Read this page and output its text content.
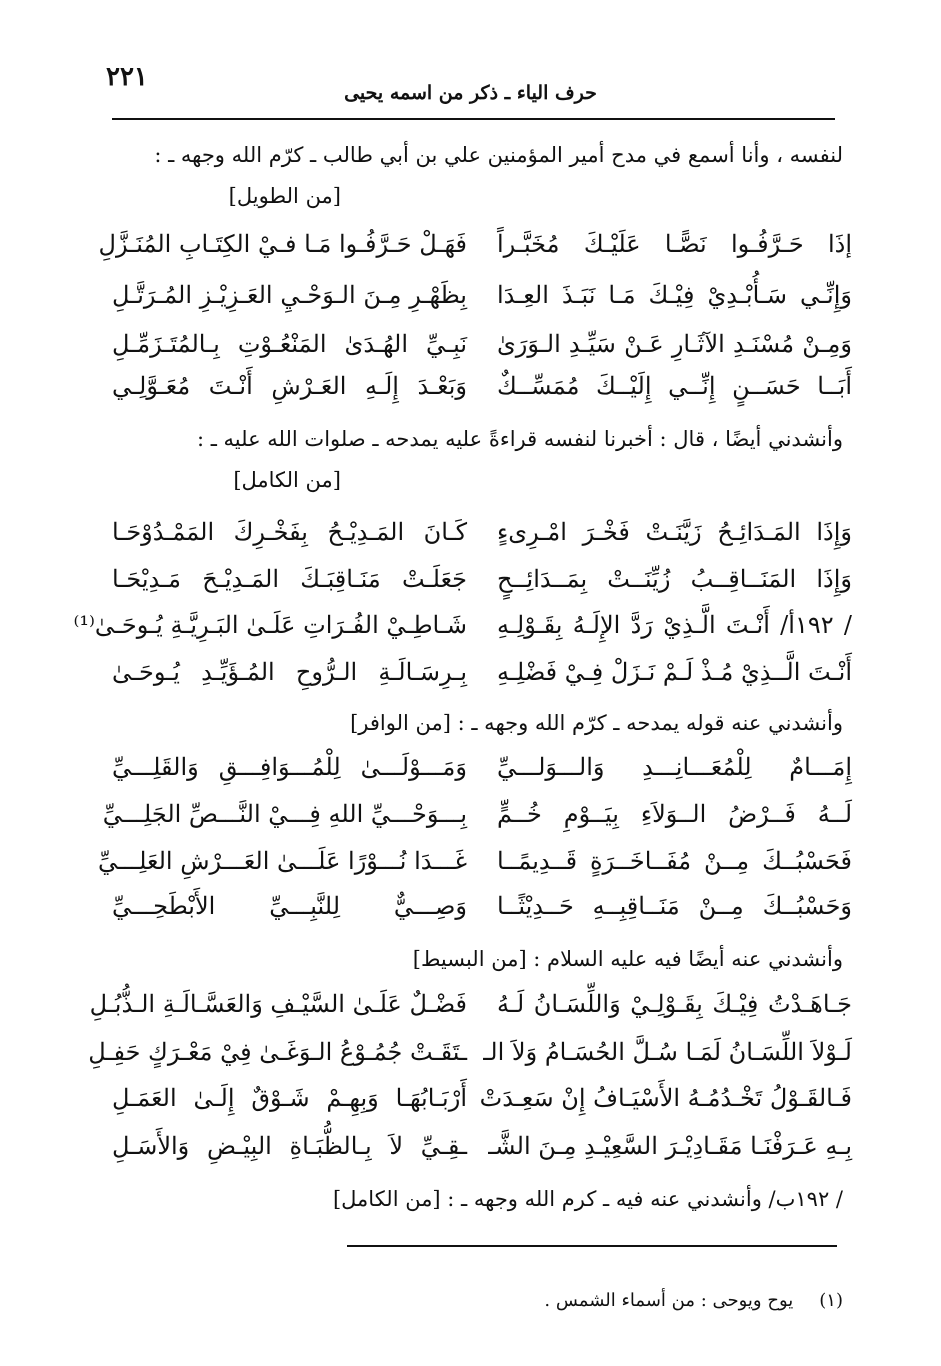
٢٢١
حرف الياء ـ ذكر من اسمه يحيى
لنفسه ، وأنا أسمع في مدح أمير المؤمنين علي بن أبي طالب ـ كرّم الله وجهه ـ :
[من الطويل]
إذَا حَـرَّفُـوا نَصًّـا عَلَيْـكَ مُخَبَّـراً
فَهَـلْ حَـرَّفُـوا مَـا فـيْ الكِتَـابِ المُنَـزَّلِ
وَإِنِّـي سَـأُبْـدِيْ فِيْـكَ مَـا نَبَـذَ العِـدَا
بِظَهْـرِ مِـنَ الـوَحْـيِ العَـزِيْـزِ المُـرَتَّـلِ
وَمِـنْ مُسْنَـدِ الآثَـارِ عَـنْ سَيِّـدِ الـوَرَىٰ
نَبِـيِّ الهُـدَىٰ المَنْعُـوْتِ بِـالمُتَـزَمِّـلِ
أَبَــا حَسَــنٍ إِنِّــي إِلَيْــكَ مُمَسِّــكٌ
وَبَعْـدَ إِلَـهِ العَـرْشِ أَنْـتَ مُعَـوَّلِـي
وأنشدني أيضًا ، قال : أخبرنا لنفسه قراءةً عليه يمدحه ـ صلوات الله عليه ـ :
[من الكامل]
وَإِذَا المَـدَائِـحُ زَيَّنَـتْ فَخْـرَ امْـرِىءٍ
كَـانَ المَـدِيْـحُ بِفَخْـرِكَ المَمْـدُوْحَـا
وَإِذَا المَنَــاقِــبُ زُيِّنَــتْ بِمَــدَائِــحٍ
جَعَلَـتْ مَنَـاقِبَـكَ المَـدِيْـحَ مَـدِيْحَـا
/ ١٩٢أ/ أَنْـتَ الَّـذِيْ رَدَّ الإِلَـهُ بِقَـوْلِـهِ
شَـاطِـيْ الفُـرَاتِ عَلَـىٰ البَـرِيَّـةِ يُـوحَـىٰ⁽¹⁾
أَنْـتَ الَّــذِيْ مُـذْ لَـمْ نَـزَلْ فِـيْ فَضْلِـهِ
بِـرِسَـالَـةِ الـرُّوحِ المُـؤَيِّـدِ يُـوحَـىٰ
وأنشدني عنه قوله يمدحه ـ كرّم الله وجهه ـ : [من الوافر]
إِمَـــامٌ لِلْمُعَـــانِـــدِ وَالـــوَلـــيِّ
وَمَـــوْلَـــىٰ لِلْمُـــوَافِـــقِ وَالقَلِـــيِّ
لَــهُ فَــرْضُ الــوَلاَءِ بِيَــوْمِ خُــمٍّ
بِـــوَحْـــيِّ اللهِ فِـــيْ النَّـــصِّ الجَلِـــيِّ
فَحَسْبُــكَ مِــنْ مُفَــاخَــرَةٍ قَــدِيمًــا
غَـــدَا نُـــوْرًا عَلَـــىٰ العَـــرْشِ العَلِـــيِّ
وَحَسْبُــكَ مِــنْ مَنَــاقِبِــهِ حَــدِيْثًــا
وَصِـــيٌّ لِلنَّبِـــيِّ الأَبْطَحِـــيِّ
وأنشدني عنه أيضًا فيه عليه السلام : [من البسيط]
جَـاهَـدْتُ فِيْـكَ بِقَـوْلِـيْ وَاللِّسَـانُ لَـهُ
فَضْـلٌ عَلَـىٰ السَّيْـفِ وَالعَسَّـالَـةِ الـذُّبُـلِ
لَـوْلاَ اللِّسَـانُ لَمَـا سُـلَّ الحُسَـامُ وَلاَ الـ
ـتَقَـتْ جُمُـوْعُ الـوَغَـىٰ فِيْ مَعْـرَكٍ حَفِـلِ
فَـالقَـوْلُ تَخْـدُمُـهُ الأَسْيَـافُ إِنْ سَعِـدَتْ
أَرْبَـابُهَـا وَبِهِـمْ شَـوْقٌ إِلَـىٰ العَمَـلِ
بِـهِ عَـرَفْنَـا مَقَـادِيْـرَ السَّعِيْـدِ مِـنَ الشَّـ
ـقِـيِّ لاَ بِـالظُّبَـاةِ البِيْـضِ وَالأَسَـلِ
/ ١٩٢ب/ وأنشدني عنه فيه ـ كرم الله وجهه ـ : [من الكامل]
(١)يوح ويوحى : من أسماء الشمس .
